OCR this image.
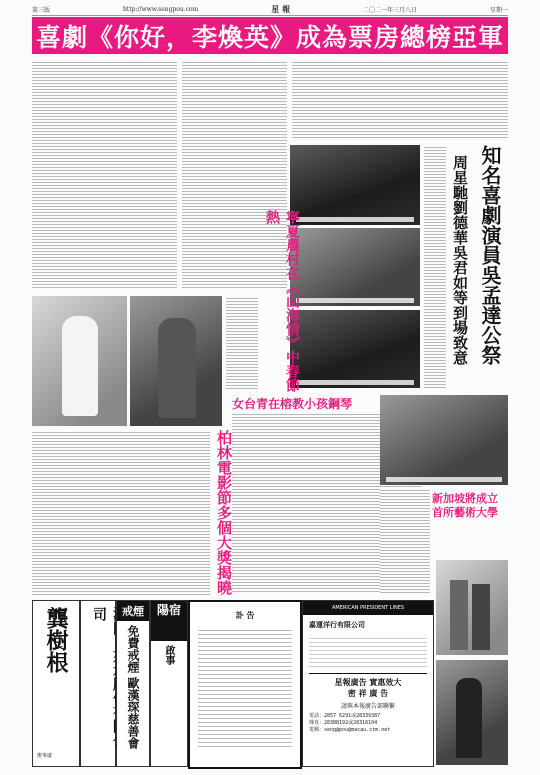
第三版	http://www.sengpou.com	星 報	二〇二一年三月八日	星期一
喜劇《你好，李煥英》成為票房總榜亞軍
知名喜劇演員吳孟達公祭
周星馳劉德華吳君如等到場致意
寧夏農村在《山海情》中春節熱
女台青在榕教小孩鋼琴
柏林電影節多個大獎揭曉	新加坡將成立
首所藝術大學
龔樹根
辦事處
司	戒煙
免費戒煙 歐漢琛慈善會
陽宿
啟事
訃 告
AMERICAN PRESIDENT LINES
嘉運洋行有限公司
星報廣告 實惠效大
密 祥 廣 告
請與本報廣告部聯繫
電話：2857 6291或28339387
傳真：28388192或28316104
電郵：seng@pou@macau.ctm.net
